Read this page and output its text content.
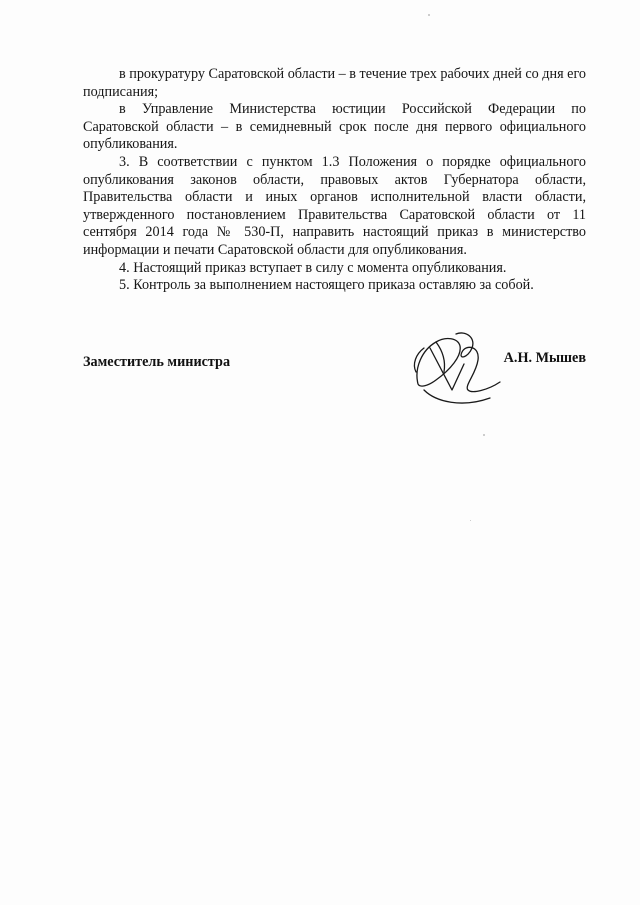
в прокуратуру Саратовской области – в течение трех рабочих дней со дня его подписания;

в Управление Министерства юстиции Российской Федерации по Саратовской области – в семидневный срок после дня первого официального опубликования.

3. В соответствии с пунктом 1.3 Положения о порядке официального опубликования законов области, правовых актов Губернатора области, Правительства области и иных органов исполнительной власти области, утвержденного постановлением Правительства Саратовской области от 11 сентября 2014 года № 530-П, направить настоящий приказ в министерство информации и печати Саратовской области для опубликования.

4. Настоящий приказ вступает в силу с момента опубликования.

5. Контроль за выполнением настоящего приказа оставляю за собой.

Заместитель министра	А.Н. Мышев
